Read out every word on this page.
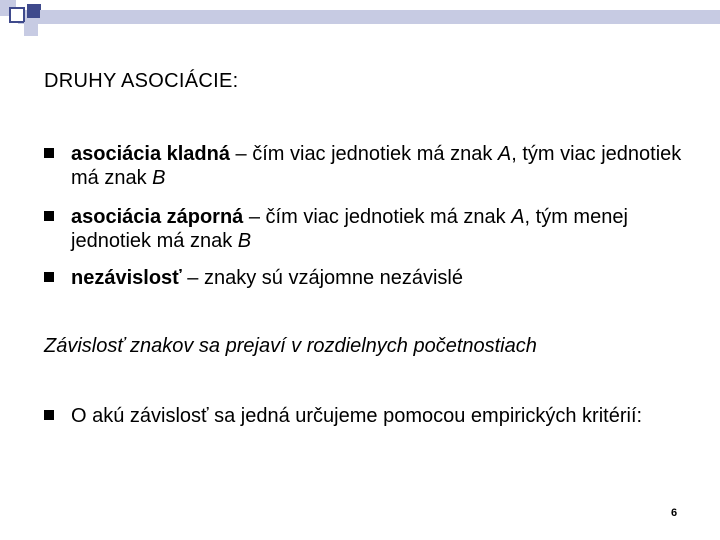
DRUHY ASOCIÁCIE:
asociácia kladná – čím viac jednotiek má znak A, tým viac jednotiek má znak B
asociácia záporná – čím viac jednotiek má znak A, tým menej jednotiek má znak B
nezávislosť – znaky sú vzájomne nezávislé
Závislosť znakov sa prejaví v rozdielnych početnostiach
O akú závislosť sa jedná určujeme pomocou empirických kritérií:
6
